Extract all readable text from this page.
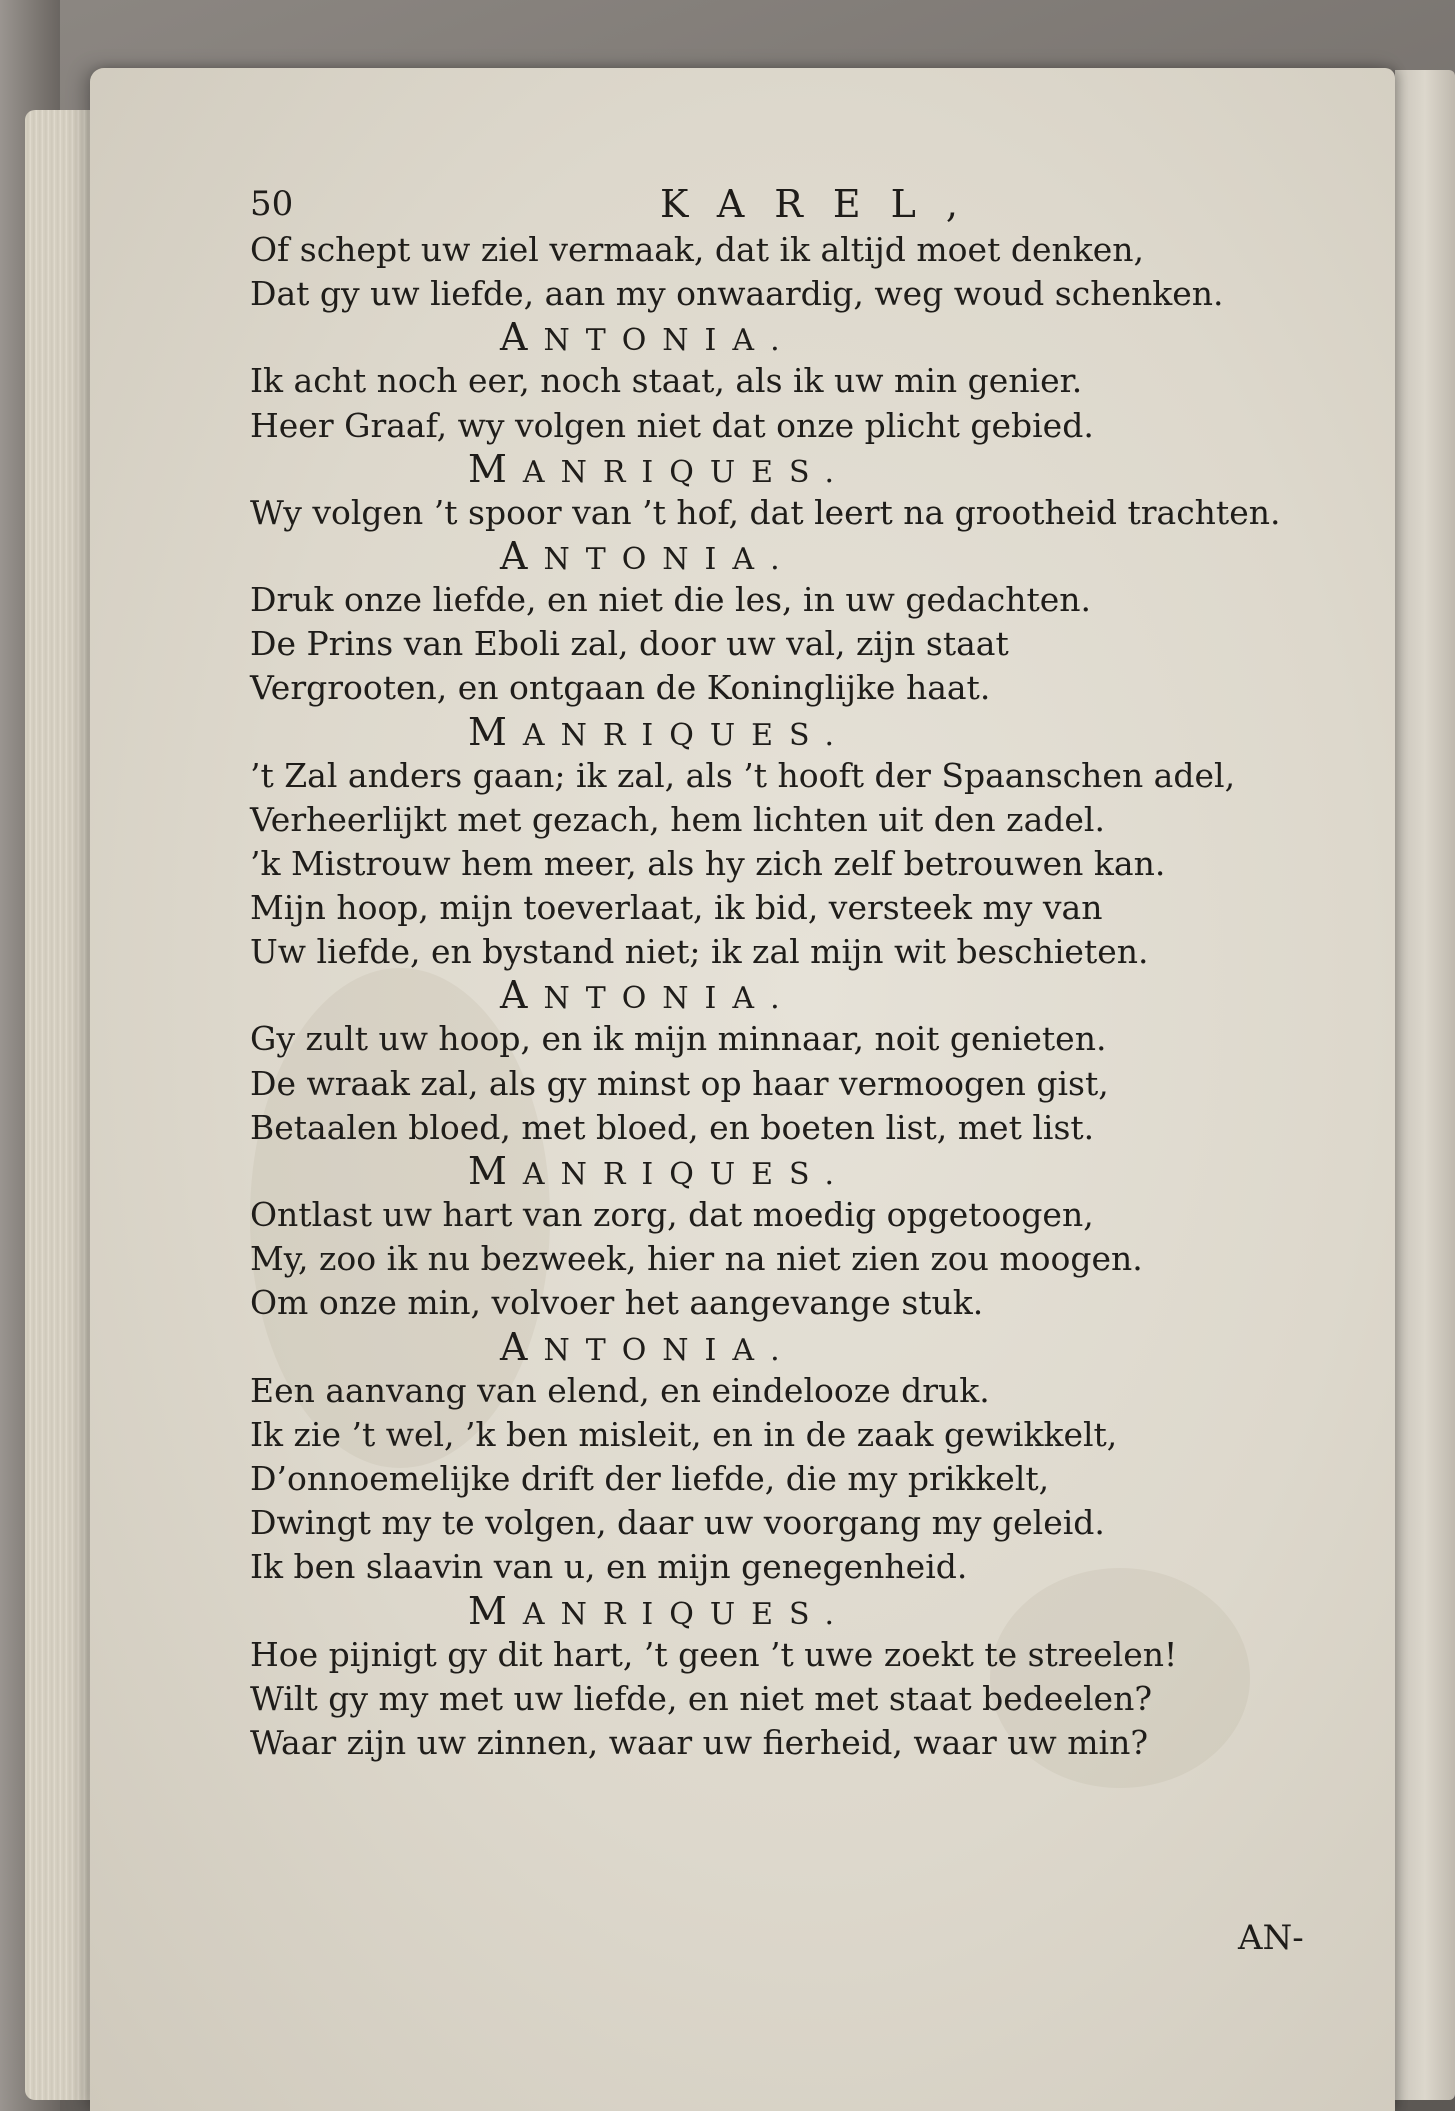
50	KAREL,
Of schept uw ziel vermaak, dat ik altijd moet denken,
Dat gy uw liefde, aan my onwaardig, weg woud schenken.
ANTONIA.
Ik acht noch eer, noch staat, als ik uw min genier.
Heer Graaf, wy volgen niet dat onze plicht gebied.
MANRIQUES.
Wy volgen ’t spoor van ’t hof, dat leert na grootheid trachten.
ANTONIA.
Druk onze liefde, en niet die les, in uw gedachten.
De Prins van Eboli zal, door uw val, zijn staat
Vergrooten, en ontgaan de Koninglijke haat.
MANRIQUES.
’t Zal anders gaan; ik zal, als ’t hooft der Spaanschen adel,
Verheerlijkt met gezach, hem lichten uit den zadel.
’k Mistrouw hem meer, als hy zich zelf betrouwen kan.
Mijn hoop, mijn toeverlaat, ik bid, versteek my van
Uw liefde, en bystand niet; ik zal mijn wit beschieten.
ANTONIA.
Gy zult uw hoop, en ik mijn minnaar, noit genieten.
De wraak zal, als gy minst op haar vermoogen gist,
Betaalen bloed, met bloed, en boeten list, met list.
MANRIQUES.
Ontlast uw hart van zorg, dat moedig opgetoogen,
My, zoo ik nu bezweek, hier na niet zien zou moogen.
Om onze min, volvoer het aangevange stuk.
ANTONIA.
Een aanvang van elend, en eindelooze druk.
Ik zie ’t wel, ’k ben misleit, en in de zaak gewikkelt,
D’onnoemelijke drift der liefde, die my prikkelt,
Dwingt my te volgen, daar uw voorgang my geleid.
Ik ben slaavin van u, en mijn genegenheid.
MANRIQUES.
Hoe pijnigt gy dit hart, ’t geen ’t uwe zoekt te streelen!
Wilt gy my met uw liefde, en niet met staat bedeelen?
Waar zijn uw zinnen, waar uw fierheid, waar uw min?
AN-
